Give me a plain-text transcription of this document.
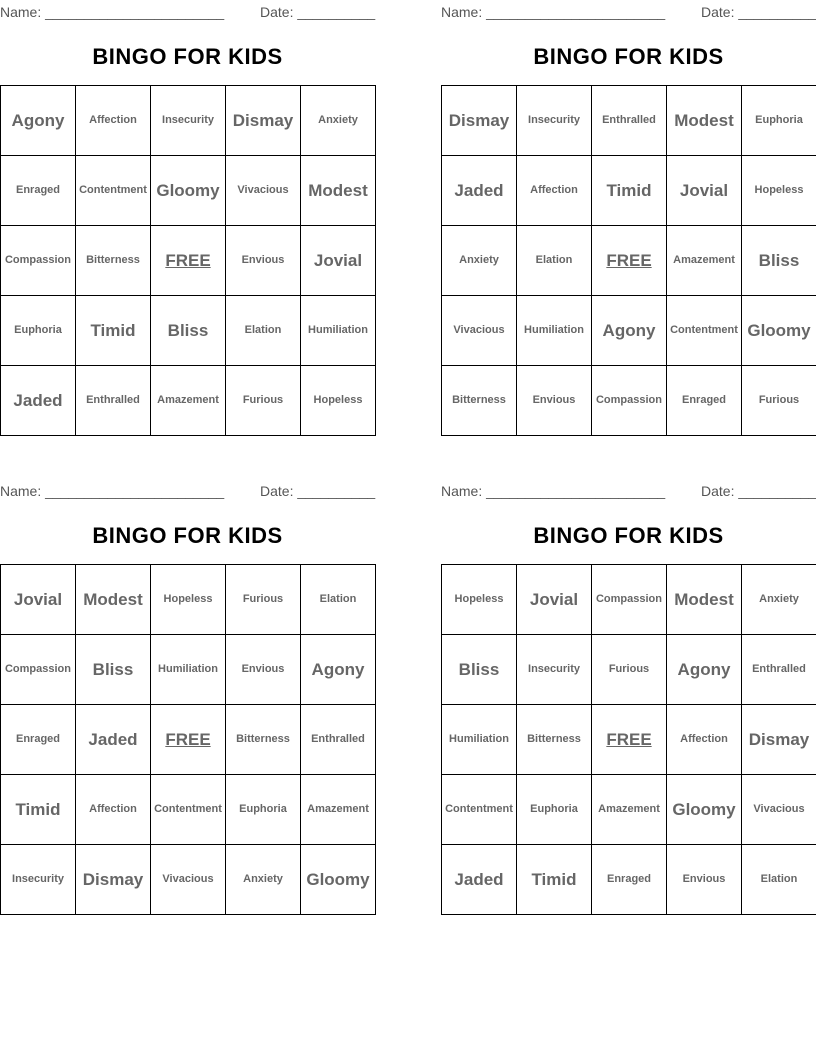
Name: _______________________	Date: __________
BINGO FOR KIDS
Agony	Affection	Insecurity	Dismay	Anxiety
Enraged	Contentment	Gloomy	Vivacious	Modest
Compassion	Bitterness	FREE	Envious	Jovial
Euphoria	Timid	Bliss	Elation	Humiliation
Jaded	Enthralled	Amazement	Furious	Hopeless
Name: _______________________	Date: __________
BINGO FOR KIDS
Dismay	Insecurity	Enthralled	Modest	Euphoria
Jaded	Affection	Timid	Jovial	Hopeless
Anxiety	Elation	FREE	Amazement	Bliss
Vivacious	Humiliation	Agony	Contentment	Gloomy
Bitterness	Envious	Compassion	Enraged	Furious
Name: _______________________	Date: __________
BINGO FOR KIDS
Jovial	Modest	Hopeless	Furious	Elation
Compassion	Bliss	Humiliation	Envious	Agony
Enraged	Jaded	FREE	Bitterness	Enthralled
Timid	Affection	Contentment	Euphoria	Amazement
Insecurity	Dismay	Vivacious	Anxiety	Gloomy
Name: _______________________	Date: __________
BINGO FOR KIDS
Hopeless	Jovial	Compassion	Modest	Anxiety
Bliss	Insecurity	Furious	Agony	Enthralled
Humiliation	Bitterness	FREE	Affection	Dismay
Contentment	Euphoria	Amazement	Gloomy	Vivacious
Jaded	Timid	Enraged	Envious	Elation
